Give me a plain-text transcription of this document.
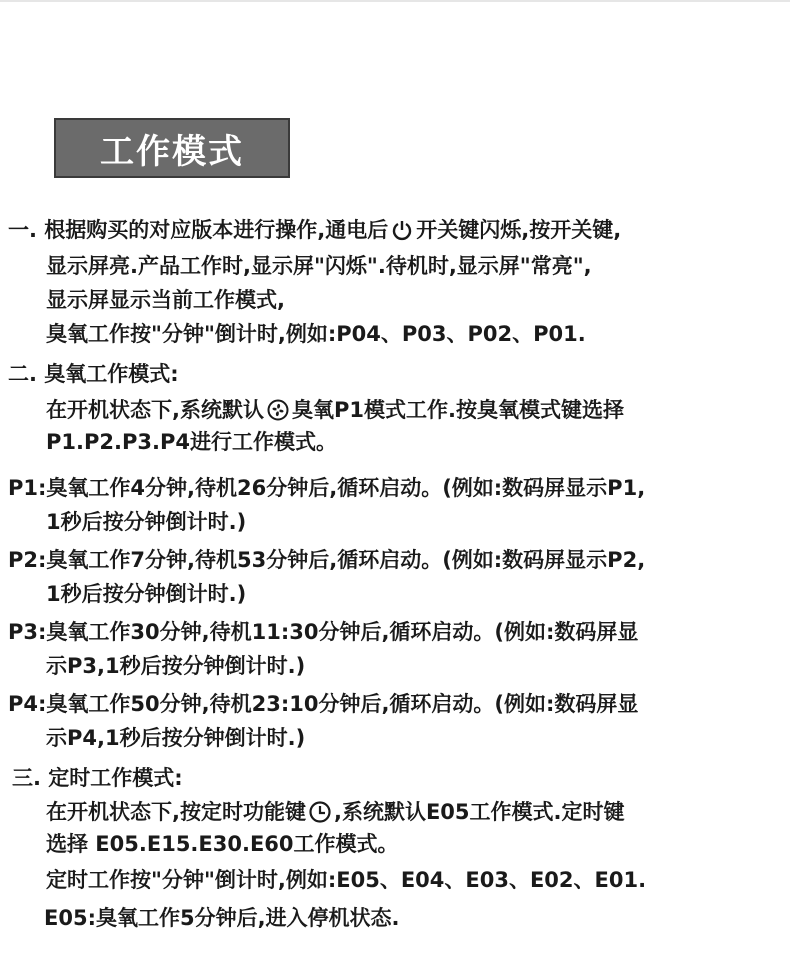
工作模式
一. 根据购买的对应版本进行操作,通电后 开关键闪烁,按开关键,
显示屏亮.产品工作时,显示屏"闪烁".待机时,显示屏"常亮",
显示屏显示当前工作模式,
臭氧工作按"分钟"倒计时,例如:P04、P03、P02、P01.
二. 臭氧工作模式:
在开机状态下,系统默认 臭氧P1模式工作.按臭氧模式键选择
P1.P2.P3.P4进行工作模式。
P1:臭氧工作4分钟,待机26分钟后,循环启动。(例如:数码屏显示P1,
1秒后按分钟倒计时.)
P2:臭氧工作7分钟,待机53分钟后,循环启动。(例如:数码屏显示P2,
1秒后按分钟倒计时.)
P3:臭氧工作30分钟,待机11:30分钟后,循环启动。(例如:数码屏显
示P3,1秒后按分钟倒计时.)
P4:臭氧工作50分钟,待机23:10分钟后,循环启动。(例如:数码屏显
示P4,1秒后按分钟倒计时.)
三. 定时工作模式:
在开机状态下,按定时功能键 ,系统默认E05工作模式.定时键
选择 E05.E15.E30.E60工作模式。
定时工作按"分钟"倒计时,例如:E05、E04、E03、E02、E01.
E05:臭氧工作5分钟后,进入停机状态.
